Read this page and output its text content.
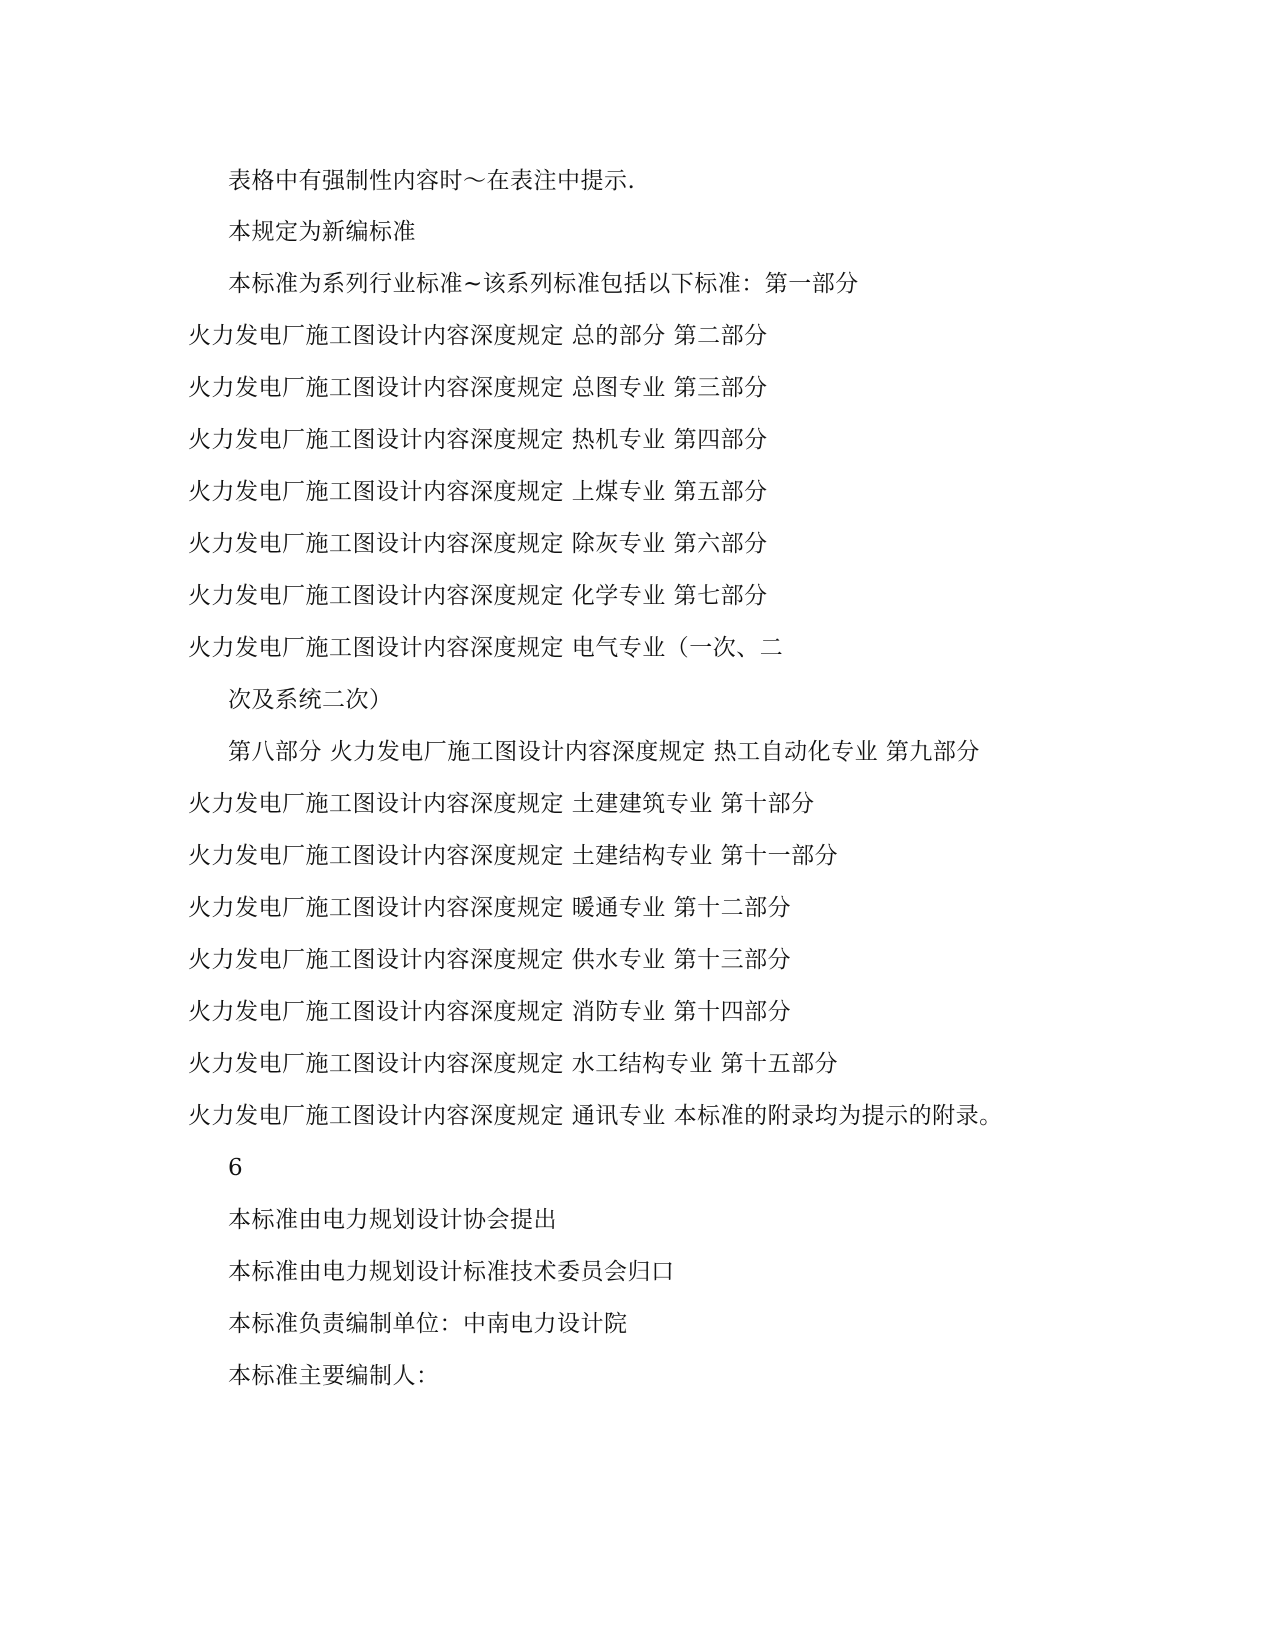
表格中有强制性内容时～在表注中提示.
本规定为新编标准
本标准为系列行业标准~该系列标准包括以下标准：第一部分
火力发电厂施工图设计内容深度规定 总的部分 第二部分
火力发电厂施工图设计内容深度规定 总图专业 第三部分
火力发电厂施工图设计内容深度规定 热机专业 第四部分
火力发电厂施工图设计内容深度规定 上煤专业 第五部分
火力发电厂施工图设计内容深度规定 除灰专业 第六部分
火力发电厂施工图设计内容深度规定 化学专业 第七部分
火力发电厂施工图设计内容深度规定 电气专业（一次、二
次及系统二次）
第八部分 火力发电厂施工图设计内容深度规定 热工自动化专业 第九部分
火力发电厂施工图设计内容深度规定 土建建筑专业 第十部分
火力发电厂施工图设计内容深度规定 土建结构专业 第十一部分
火力发电厂施工图设计内容深度规定 暖通专业 第十二部分
火力发电厂施工图设计内容深度规定 供水专业 第十三部分
火力发电厂施工图设计内容深度规定 消防专业 第十四部分
火力发电厂施工图设计内容深度规定 水工结构专业 第十五部分
火力发电厂施工图设计内容深度规定 通讯专业 本标准的附录均为提示的附录。
6
本标准由电力规划设计协会提出
本标准由电力规划设计标准技术委员会归口
本标准负责编制单位：中南电力设计院
本标准主要编制人：
